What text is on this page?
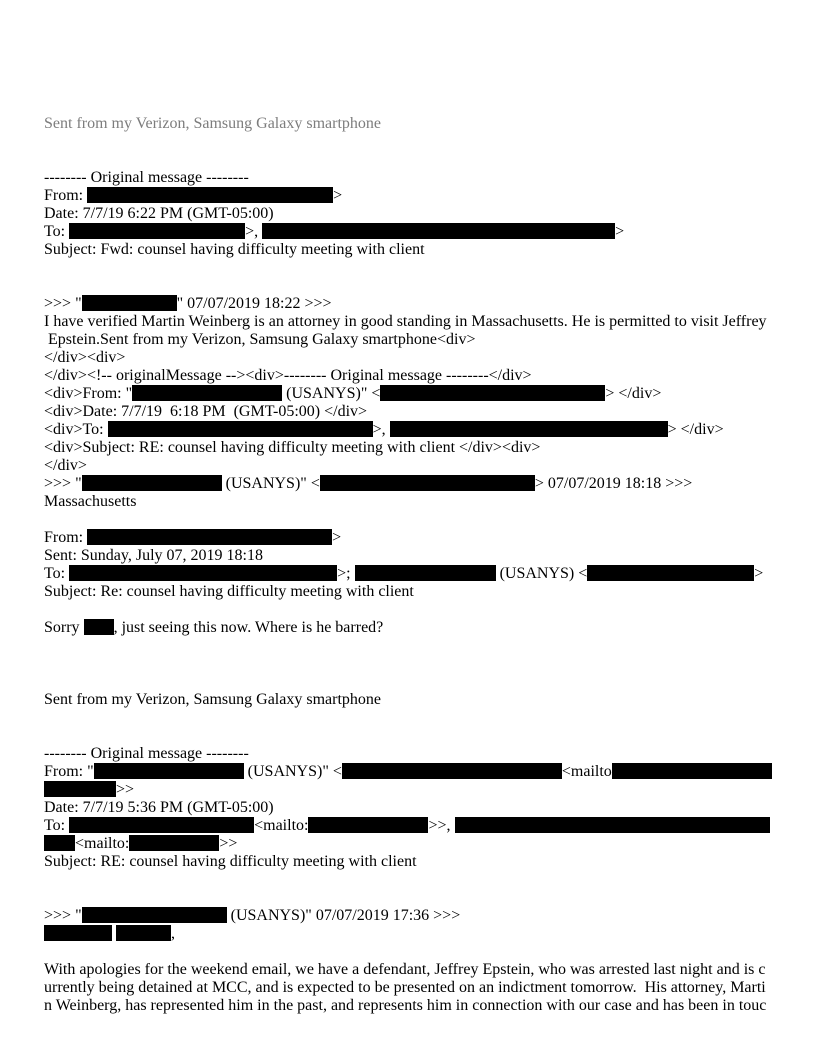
Sent from my Verizon, Samsung Galaxy smartphone
-------- Original message --------
From:	>
Date: 7/7/19 6:22 PM (GMT-05:00)
To:	>,	>
Subject: Fwd: counsel having difficulty meeting with client
>>> "	" 07/07/2019 18:22 >>>
I have verified Martin Weinberg is an attorney in good standing in Massachusetts. He is permitted to visit Jeffrey
Epstein.Sent from my Verizon, Samsung Galaxy smartphone<div>
</div><div>
</div><!-- originalMessage --><div>-------- Original message --------</div>
<div>From: "	(USANYS)" <	> </div>
<div>Date: 7/7/19  6:18 PM  (GMT-05:00) </div>
<div>To:	>,	> </div>
<div>Subject: RE: counsel having difficulty meeting with client </div><div>
</div>
>>> "	(USANYS)" <	> 07/07/2019 18:18 >>>
Massachusetts
From:	>
Sent: Sunday, July 07, 2019 18:18
To:	>;	(USANYS) <	>
Subject: Re: counsel having difficulty meeting with client
Sorry , just seeing this now. Where is he barred?
Sent from my Verizon, Samsung Galaxy smartphone
-------- Original message --------
From: "	(USANYS)" <	<mailto
>>
Date: 7/7/19 5:36 PM (GMT-05:00)
To:	<mailto:	>>,
<mailto:	>>
Subject: RE: counsel having difficulty meeting with client
>>> "	(USANYS)" 07/07/2019 17:36 >>>
,
With apologies for the weekend email, we have a defendant, Jeffrey Epstein, who was arrested last night and is c
urrently being detained at MCC, and is expected to be presented on an indictment tomorrow.  His attorney, Marti
n Weinberg, has represented him in the past, and represents him in connection with our case and has been in touc
